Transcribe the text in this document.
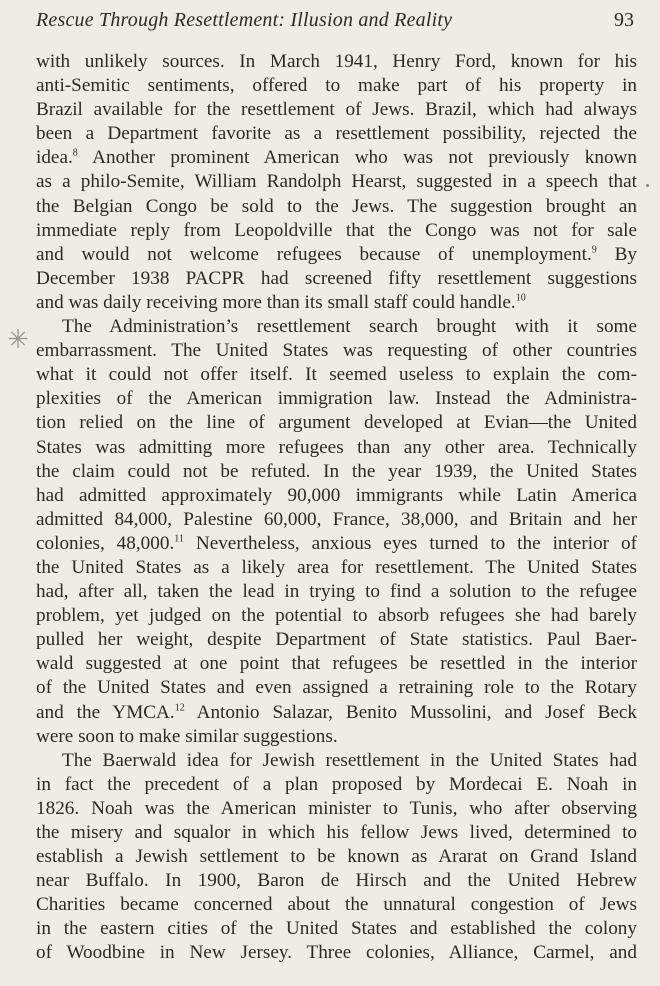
Rescue Through Resettlement: Illusion and Reality	93
✳
with unlikely sources. In March 1941, Henry Ford, known for his
anti-Semitic sentiments, offered to make part of his property in
Brazil available for the resettlement of Jews. Brazil, which had always
been a Department favorite as a resettlement possibility, rejected the
idea.$^8$ Another prominent American who was not previously known
as a philo-Semite, William Randolph Hearst, suggested in a speech that
the Belgian Congo be sold to the Jews. The suggestion brought an
immediate reply from Leopoldville that the Congo was not for sale
and would not welcome refugees because of unemployment.$^9$ By
December 1938 PACPR had screened fifty resettlement suggestions
and was daily receiving more than its small staff could handle.$^{10}$
The Administration’s resettlement search brought with it some
embarrassment. The United States was requesting of other countries
what it could not offer itself. It seemed useless to explain the com-
plexities of the American immigration law. Instead the Administra-
tion relied on the line of argument developed at Evian—the United
States was admitting more refugees than any other area. Technically
the claim could not be refuted. In the year 1939, the United States
had admitted approximately 90,000 immigrants while Latin America
admitted 84,000, Palestine 60,000, France, 38,000, and Britain and her
colonies, 48,000.11 Nevertheless, anxious eyes turned to the interior of
the United States as a likely area for resettlement. The United States
had, after all, taken the lead in trying to find a solution to the refugee
problem, yet judged on the potential to absorb refugees she had barely
pulled her weight, despite Department of State statistics. Paul Baer-
wald suggested at one point that refugees be resettled in the interior
of the United States and even assigned a retraining role to the Rotary
and the YMCA.$^{12}$ Antonio Salazar, Benito Mussolini, and Josef Beck
were soon to make similar suggestions.
The Baerwald idea for Jewish resettlement in the United States had
in fact the precedent of a plan proposed by Mordecai E. Noah in
1826. Noah was the American minister to Tunis, who after observing
the misery and squalor in which his fellow Jews lived, determined to
establish a Jewish settlement to be known as Ararat on Grand Island
near Buffalo. In 1900, Baron de Hirsch and the United Hebrew
Charities became concerned about the unnatural congestion of Jews
in the eastern cities of the United States and established the colony
of Woodbine in New Jersey. Three colonies, Alliance, Carmel, and
